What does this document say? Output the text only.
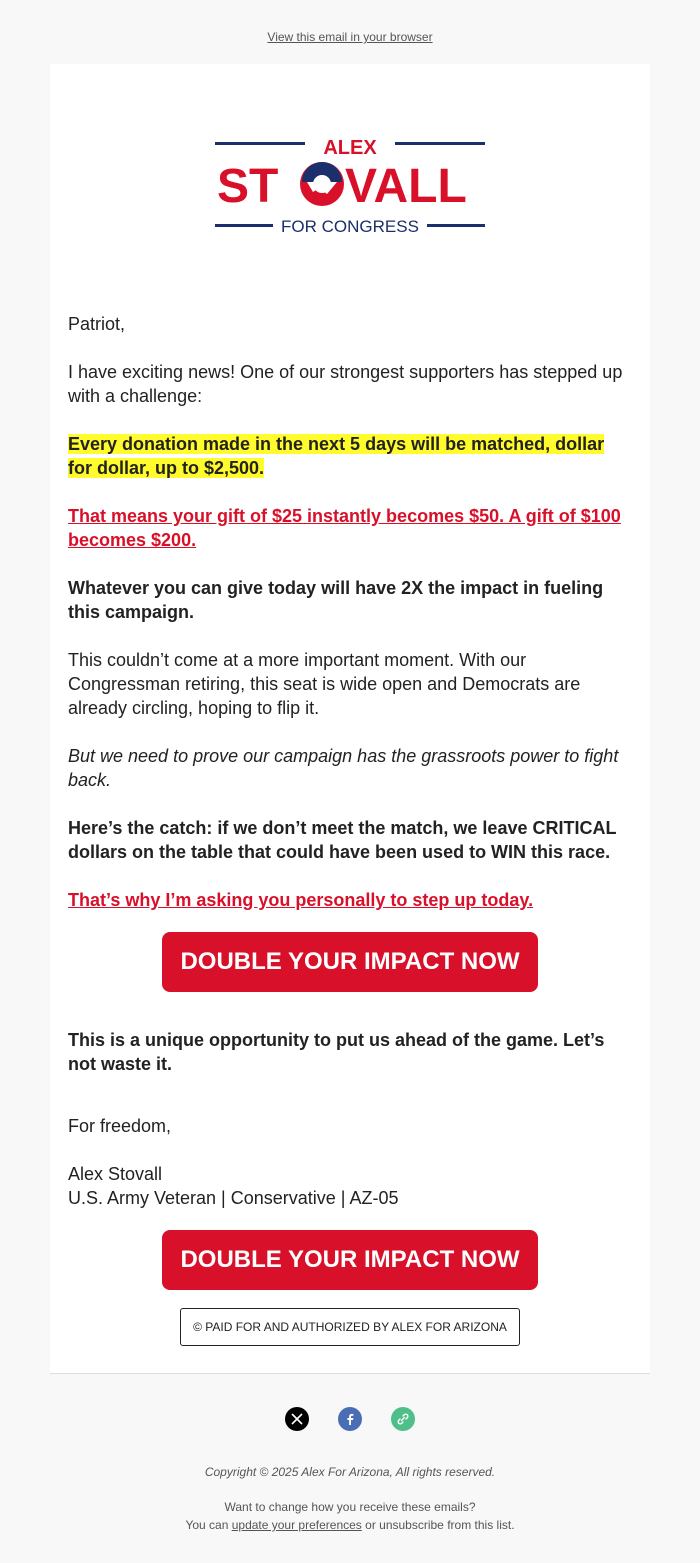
View this email in your browser
ALEX
ST VALL
FOR CONGRESS

Patriot,

I have exciting news! One of our strongest supporters has stepped up with a challenge:

Every donation made in the next 5 days will be matched, dollar for dollar, up to $2,500.

That means your gift of $25 instantly becomes $50. A gift of $100 becomes $200.

Whatever you can give today will have 2X the impact in fueling this campaign.

This couldn’t come at a more important moment. With our Congressman retiring, this seat is wide open and Democrats are already circling, hoping to flip it.

But we need to prove our campaign has the grassroots power to fight back.

Here’s the catch: if we don’t meet the match, we leave CRITICAL dollars on the table that could have been used to WIN this race.

That’s why I’m asking you personally to step up today.

DOUBLE YOUR IMPACT NOW

This is a unique opportunity to put us ahead of the game. Let’s not waste it.

For freedom,

Alex Stovall
U.S. Army Veteran | Conservative | AZ-05
DOUBLE YOUR IMPACT NOW
© PAID FOR AND AUTHORIZED BY ALEX FOR ARIZONA
Copyright © 2025 Alex For Arizona, All rights reserved.
Want to change how you receive these emails?
You can update your preferences or unsubscribe from this list.
